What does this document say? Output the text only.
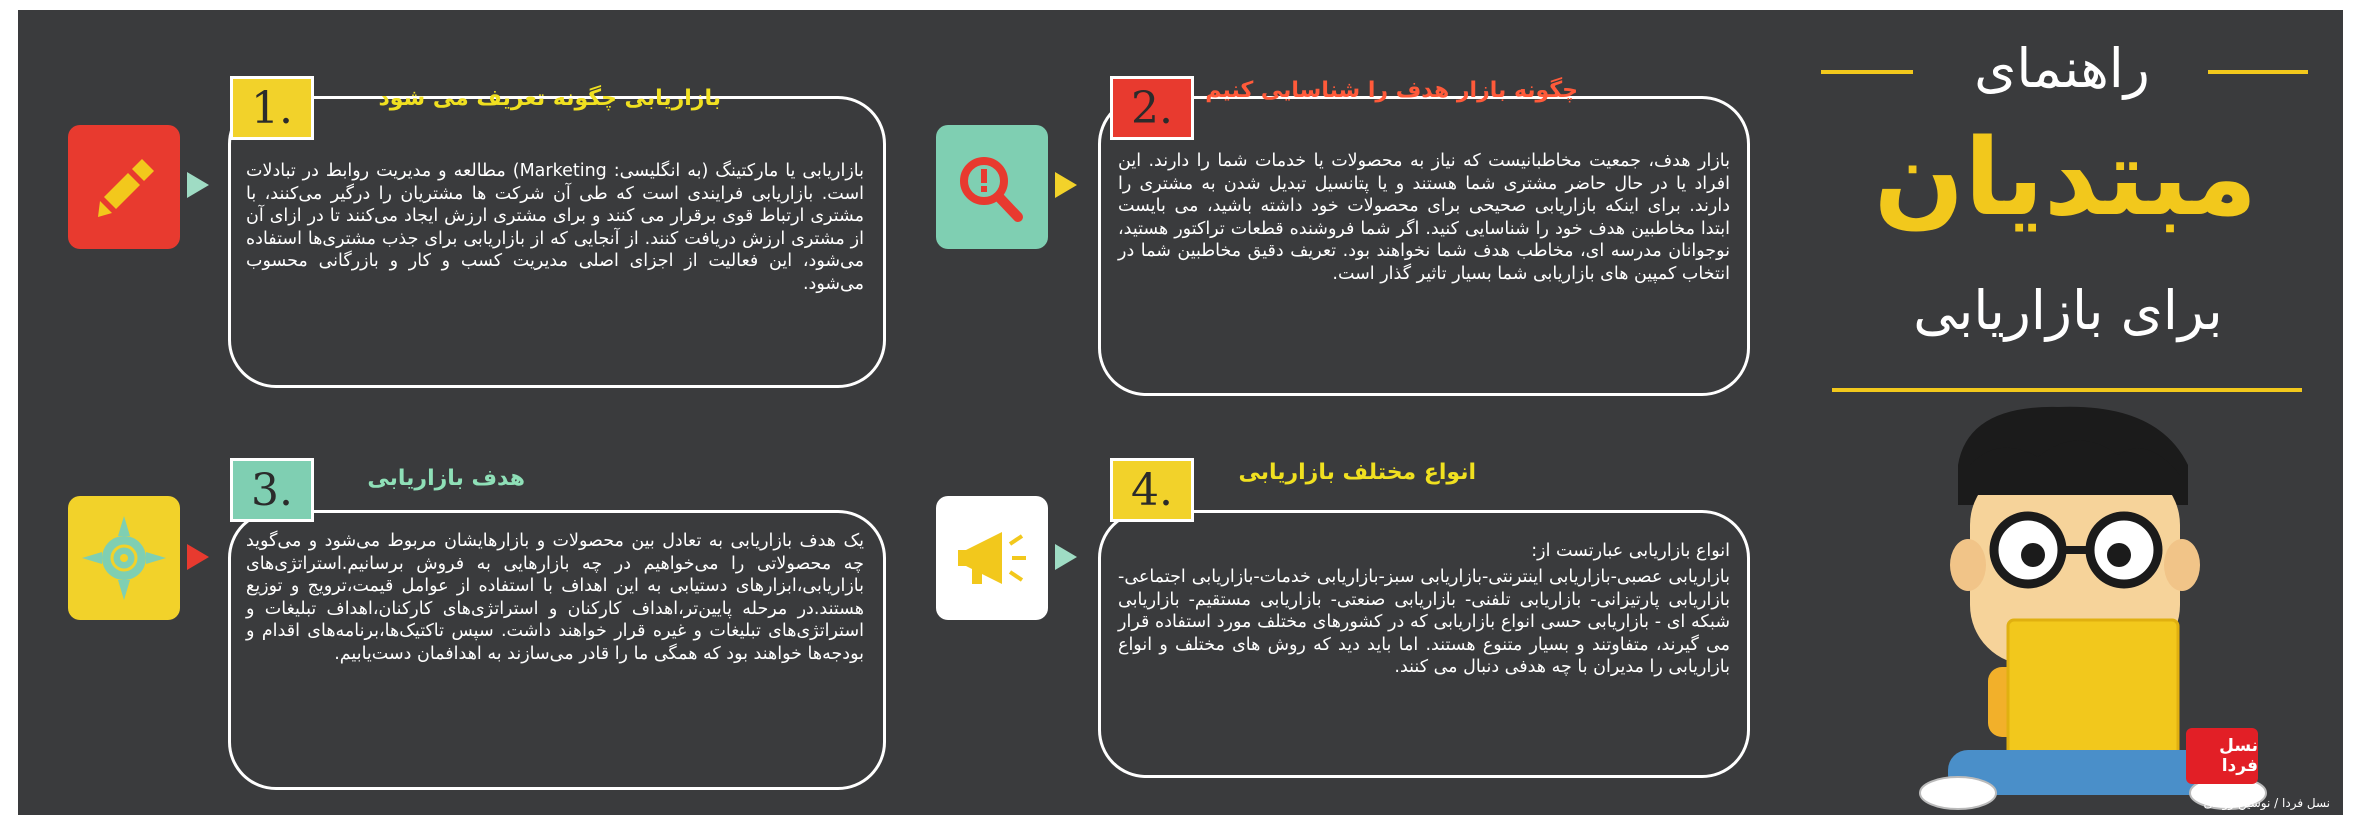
1.	بازاریابی چگونه تعریف می شود
بازاریابی یا مارکتینگ (به انگلیسی: Marketing) مطالعه و مدیریت روابط در تبادلات است. بازاریابی فرایندی است که طی آن شرکت ها مشتریان را درگیر می‌کنند، با مشتری ارتباط قوی برقرار می کنند و برای مشتری ارزش ایجاد می‌کنند تا در ازای آن از مشتری ارزش دریافت کنند. از آنجایی که از بازاریابی برای جذب مشتری‌ها استفاده می‌شود، این فعالیت از اجزای اصلی مدیریت کسب و کار و بازرگانی محسوب می‌شود.
2.	چگونه بازار هدف را شناسایی کنیم
بازار هدف، جمعیت مخاطبانیست که نیاز به محصولات یا خدمات شما را دارند. این افراد یا در حال حاضر مشتری شما هستند و یا پتانسیل تبدیل شدن به مشتری را دارند. برای اینکه بازاریابی صحیحی برای محصولات خود داشته باشید، می بایست ابتدا مخاطبین هدف خود را شناسایی کنید. اگر شما فروشنده قطعات تراکتور هستید، نوجوانان مدرسه ای، مخاطب هدف شما نخواهند بود. تعریف دقیق مخاطبین شما در انتخاب کمپین های بازاریابی شما بسیار تاثیر گذار است.
3.	هدف بازاریابی
یک هدف بازاریابی به تعادل بین محصولات و بازارهایشان مربوط می‌شود و می‌گوید چه محصولاتی را می‌خواهیم در چه بازارهایی به فروش برسانیم.استراتژی‌های بازاریابی،ابزارهای دستیابی به این اهداف با استفاده از عوامل قیمت،ترویج و توزیع هستند.در مرحله پایین‌تر،اهداف کارکنان و استراتژی‌های کارکنان،اهداف تبلیغات و استراتژی‌های تبلیغات و غیره قرار خواهند داشت. سپس تاکتیک‌ها،برنامه‌های اقدام و بودجه‌ها خواهند بود که همگی ما را قادر می‌سازند به اهدافمان دست‌یابیم.
4.	انواع مختلف بازاریابی
انواع بازاریابی عبارتست از:
بازاریابی عصبی-بازاریابی اینترنتی-بازاریابی سبز-بازاریابی خدمات-بازاریابی اجتماعی- بازاریابی پارتیزانی- بازاریابی تلفنی- بازاریابی صنعتی- بازاریابی مستقیم- بازاریابی شبکه ای - بازاریابی حسی انواع بازاریابی که در کشورهای مختلف مورد استفاده قرار می گیرند، متفاوتند و بسیار متنوع هستند. اما باید دید که روش های مختلف و انواع بازاریابی را مدیران با چه هدفی دنبال می کنند.
راهنمای
مبتدیان
برای بازاریابی
نسل فردا
نسل فردا / نوشین رواقی
